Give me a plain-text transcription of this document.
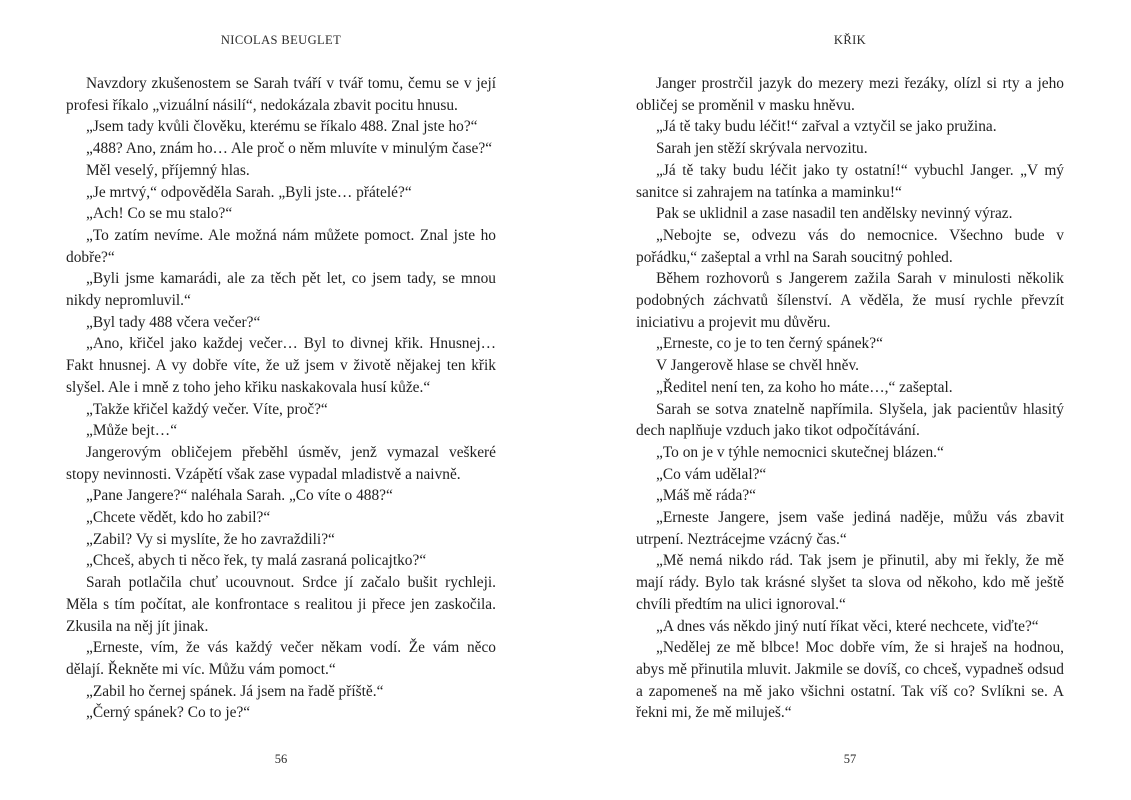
NICOLAS BEUGLET

Navzdory zkušenostem se Sarah tváří v tvář tomu, čemu se v její profesi říkalo „vizuální násilí“, nedokázala zbavit pocitu hnusu.

„Jsem tady kvůli člověku, kterému se říkalo 488. Znal jste ho?“

„488? Ano, znám ho… Ale proč o něm mluvíte v minulým čase?“

Měl veselý, příjemný hlas.

„Je mrtvý,“ odpověděla Sarah. „Byli jste… přátelé?“

„Ach! Co se mu stalo?“

„To zatím nevíme. Ale možná nám můžete pomoct. Znal jste ho dobře?“

„Byli jsme kamarádi, ale za těch pět let, co jsem tady, se mnou nikdy nepromluvil.“

„Byl tady 488 včera večer?“

„Ano, křičel jako každej večer… Byl to divnej křik. Hnusnej… Fakt hnusnej. A vy dobře víte, že už jsem v životě nějakej ten křik slyšel. Ale i mně z toho jeho křiku naskakovala husí kůže.“

„Takže křičel každý večer. Víte, proč?“

„Může bejt…“

Jangerovým obličejem přeběhl úsměv, jenž vymazal veškeré stopy nevinnosti. Vzápětí však zase vypadal mladistvě a naivně.

„Pane Jangere?“ naléhala Sarah. „Co víte o 488?“

„Chcete vědět, kdo ho zabil?“

„Zabil? Vy si myslíte, že ho zavraždili?“

„Chceš, abych ti něco řek, ty malá zasraná policajtko?“

Sarah potlačila chuť ucouvnout. Srdce jí začalo bušit rychleji. Měla s tím počítat, ale konfrontace s realitou ji přece jen zaskočila. Zkusila na něj jít jinak.

„Erneste, vím, že vás každý večer někam vodí. Že vám něco dělají. Řekněte mi víc. Můžu vám pomoct.“

„Zabil ho černej spánek. Já jsem na řadě příště.“

„Černý spánek? Co to je?“

56
KŘIK

Janger prostrčil jazyk do mezery mezi řezáky, olízl si rty a jeho obličej se proměnil v masku hněvu.

„Já tě taky budu léčit!“ zařval a vztyčil se jako pružina.

Sarah jen stěží skrývala nervozitu.

„Já tě taky budu léčit jako ty ostatní!“ vybuchl Janger. „V mý sanitce si zahrajem na tatínka a maminku!“

Pak se uklidnil a zase nasadil ten andělsky nevinný výraz.

„Nebojte se, odvezu vás do nemocnice. Všechno bude v pořádku,“ zašeptal a vrhl na Sarah soucitný pohled.

Během rozhovorů s Jangerem zažila Sarah v minulosti několik podobných záchvatů šílenství. A věděla, že musí rychle převzít iniciativu a projevit mu důvěru.

„Erneste, co je to ten černý spánek?“

V Jangerově hlase se chvěl hněv.

„Ředitel není ten, za koho ho máte…,“ zašeptal.

Sarah se sotva znatelně napřímila. Slyšela, jak pacientův hlasitý dech naplňuje vzduch jako tikot odpočítávání.

„To on je v týhle nemocnici skutečnej blázen.“

„Co vám udělal?“

„Máš mě ráda?“

„Erneste Jangere, jsem vaše jediná naděje, můžu vás zbavit utrpení. Neztrácejme vzácný čas.“

„Mě nemá nikdo rád. Tak jsem je přinutil, aby mi řekly, že mě mají rády. Bylo tak krásné slyšet ta slova od někoho, kdo mě ještě chvíli předtím na ulici ignoroval.“

„A dnes vás někdo jiný nutí říkat věci, které nechcete, viďte?“

„Nedělej ze mě blbce! Moc dobře vím, že si hraješ na hodnou, abys mě přinutila mluvit. Jakmile se dovíš, co chceš, vypadneš odsud a zapomeneš na mě jako všichni ostatní. Tak víš co? Svlíkni se. A řekni mi, že mě miluješ.“

57
